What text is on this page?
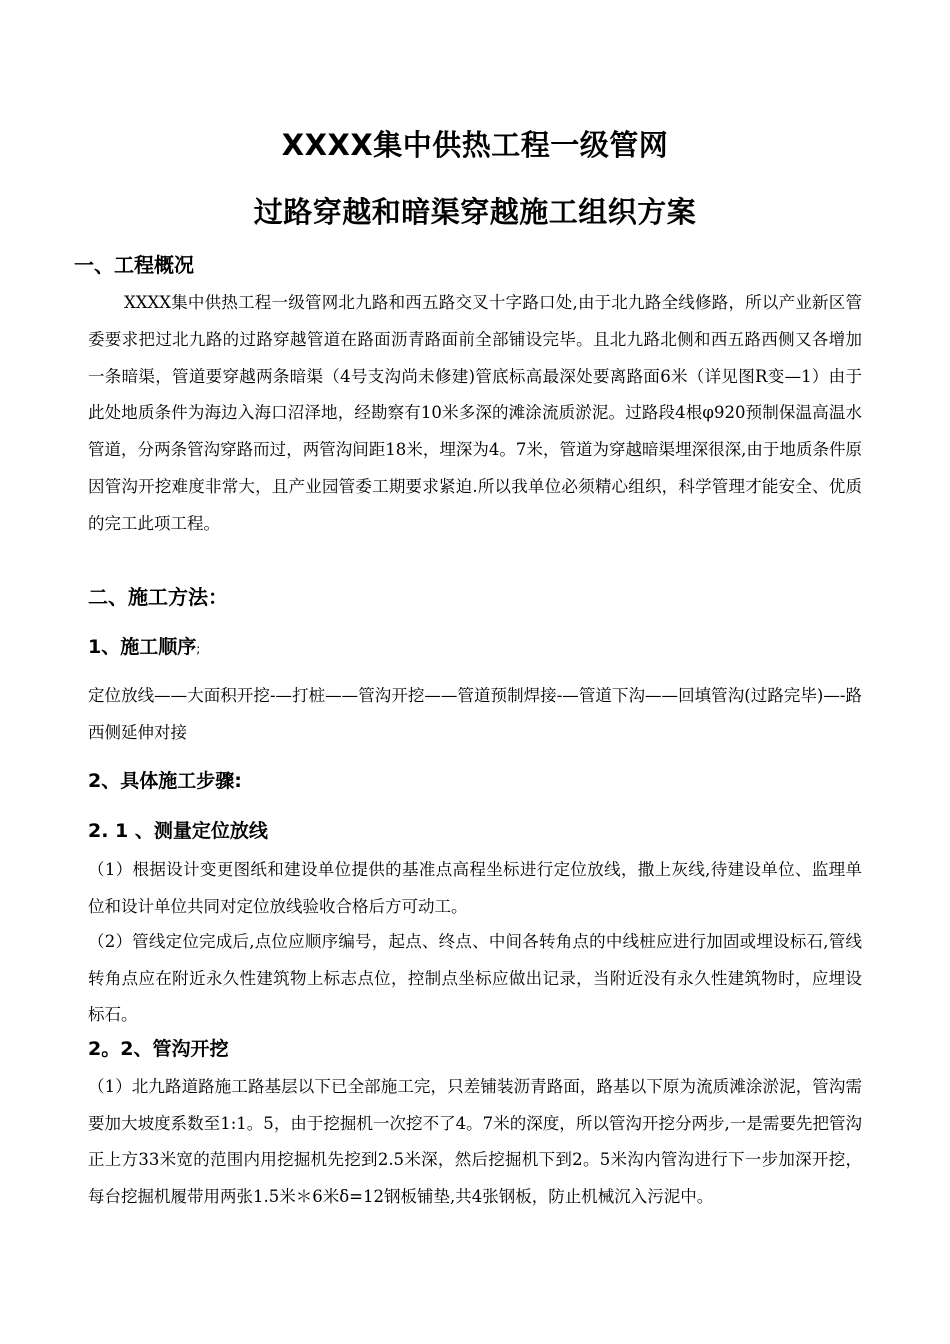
XXXX集中供热工程一级管网
过路穿越和暗渠穿越施工组织方案
一、工程概况
XXXX集中供热工程一级管网北九路和西五路交叉十字路口处,由于北九路全线修路，所以产业新区管委要求把过北九路的过路穿越管道在路面沥青路面前全部铺设完毕。且北九路北侧和西五路西侧又各增加一条暗渠，管道要穿越两条暗渠（4号支沟尚未修建)管底标高最深处要离路面6米（详见图R变—1）由于此处地质条件为海边入海口沼泽地，经勘察有10米多深的滩涂流质淤泥。过路段4根φ920预制保温高温水管道，分两条管沟穿路而过，两管沟间距18米，埋深为4。7米，管道为穿越暗渠埋深很深,由于地质条件原因管沟开挖难度非常大，且产业园管委工期要求紧迫.所以我单位必须精心组织，科学管理才能安全、优质的完工此项工程。
二、施工方法：
1、施工顺序;
定位放线——大面积开挖-—打桩——管沟开挖——管道预制焊接-—管道下沟——回填管沟(过路完毕)—-路西侧延伸对接
2、具体施工步骤:
2. 1 、测量定位放线
（1）根据设计变更图纸和建设单位提供的基准点高程坐标进行定位放线，撒上灰线,待建设单位、监理单位和设计单位共同对定位放线验收合格后方可动工。
（2）管线定位完成后,点位应顺序编号，起点、终点、中间各转角点的中线桩应进行加固或埋设标石,管线转角点应在附近永久性建筑物上标志点位，控制点坐标应做出记录，当附近没有永久性建筑物时，应埋设标石。
2。2、管沟开挖
（1）北九路道路施工路基层以下已全部施工完，只差铺装沥青路面，路基以下原为流质滩涂淤泥，管沟需要加大坡度系数至1:1。5，由于挖掘机一次挖不了4。7米的深度，所以管沟开挖分两步,一是需要先把管沟正上方33米宽的范围内用挖掘机先挖到2.5米深，然后挖掘机下到2。5米沟内管沟进行下一步加深开挖，每台挖掘机履带用两张1.5米＊6米δ=12钢板铺垫,共4张钢板，防止机械沉入污泥中。
